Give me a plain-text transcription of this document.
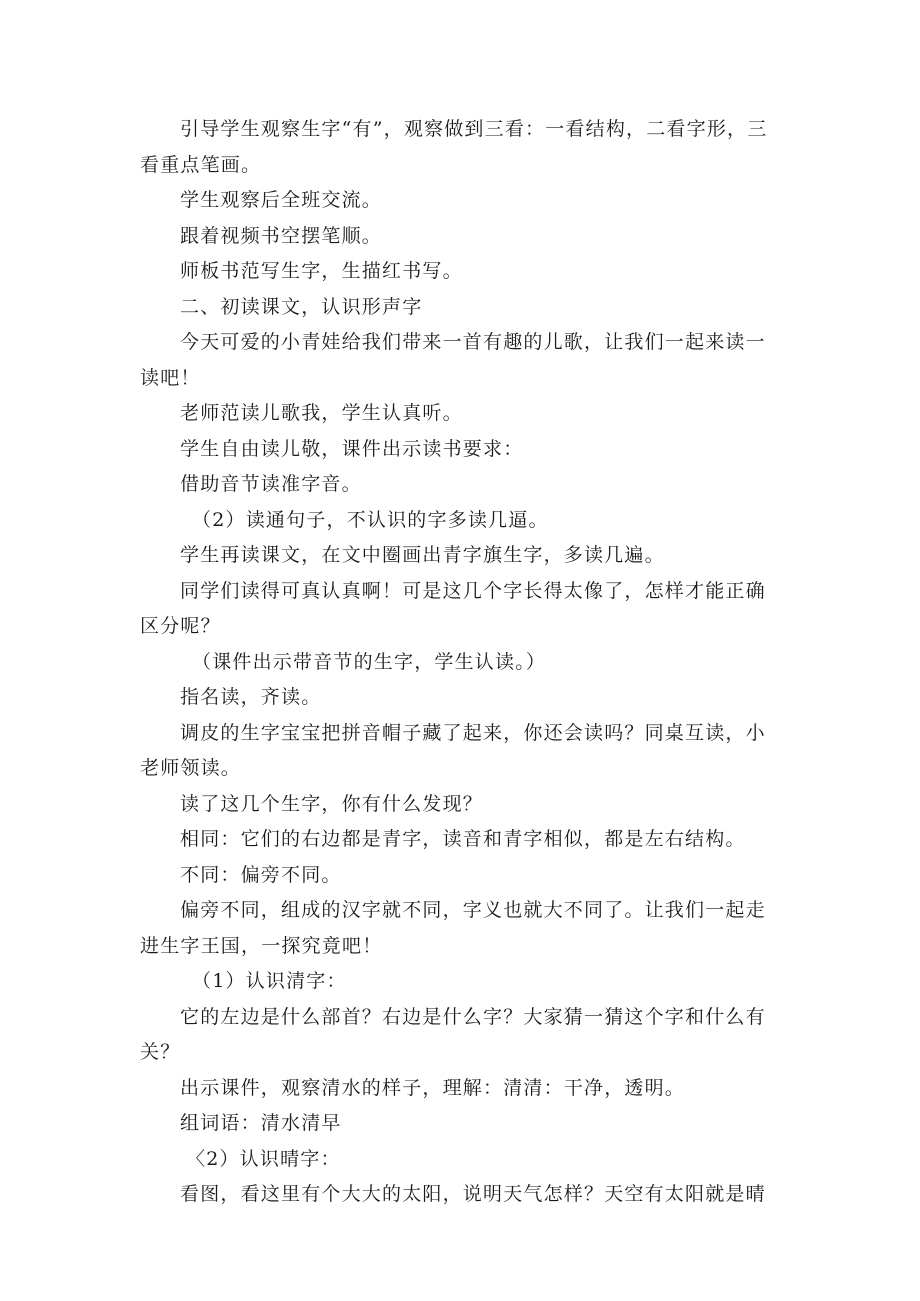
引导学生观察生字“有”，观察做到三看：一看结构，二看字形，三看重点笔画。

学生观察后全班交流。

跟着视频书空摆笔顺。

师板书范写生字，生描红书写。

二、初读课文，认识形声字

今天可爱的小青娃给我们带来一首有趣的儿歌，让我们一起来读一读吧！

老师范读儿歌我，学生认真听。

学生自由读儿敬，课件出示读书要求：

借助音节读准字音。

（2）读通句子，不认识的字多读几逼。

学生再读课文，在文中圈画出青字旗生字，多读几遍。

同学们读得可真认真啊！可是这几个字长得太像了，怎样才能正确区分呢？

（课件出示带音节的生字，学生认读。）

指名读，齐读。

调皮的生字宝宝把拼音帽子藏了起来，你还会读吗？同桌互读，小老师领读。

读了这几个生字，你有什么发现？

相同：它们的右边都是青字，读音和青字相似，都是左右结构。

不同：偏旁不同。

偏旁不同，组成的汉字就不同，字义也就大不同了。让我们一起走进生字王国，一探究竟吧！

（1）认识清字：

它的左边是什么部首？右边是什么字？大家猜一猜这个字和什么有关？

出示课件，观察清水的样子，理解：清清：干净，透明。

组词语：清水清早

〈2）认识晴字：

看图，看这里有个大大的太阳，说明天气怎样？天空有太阳就是晴
